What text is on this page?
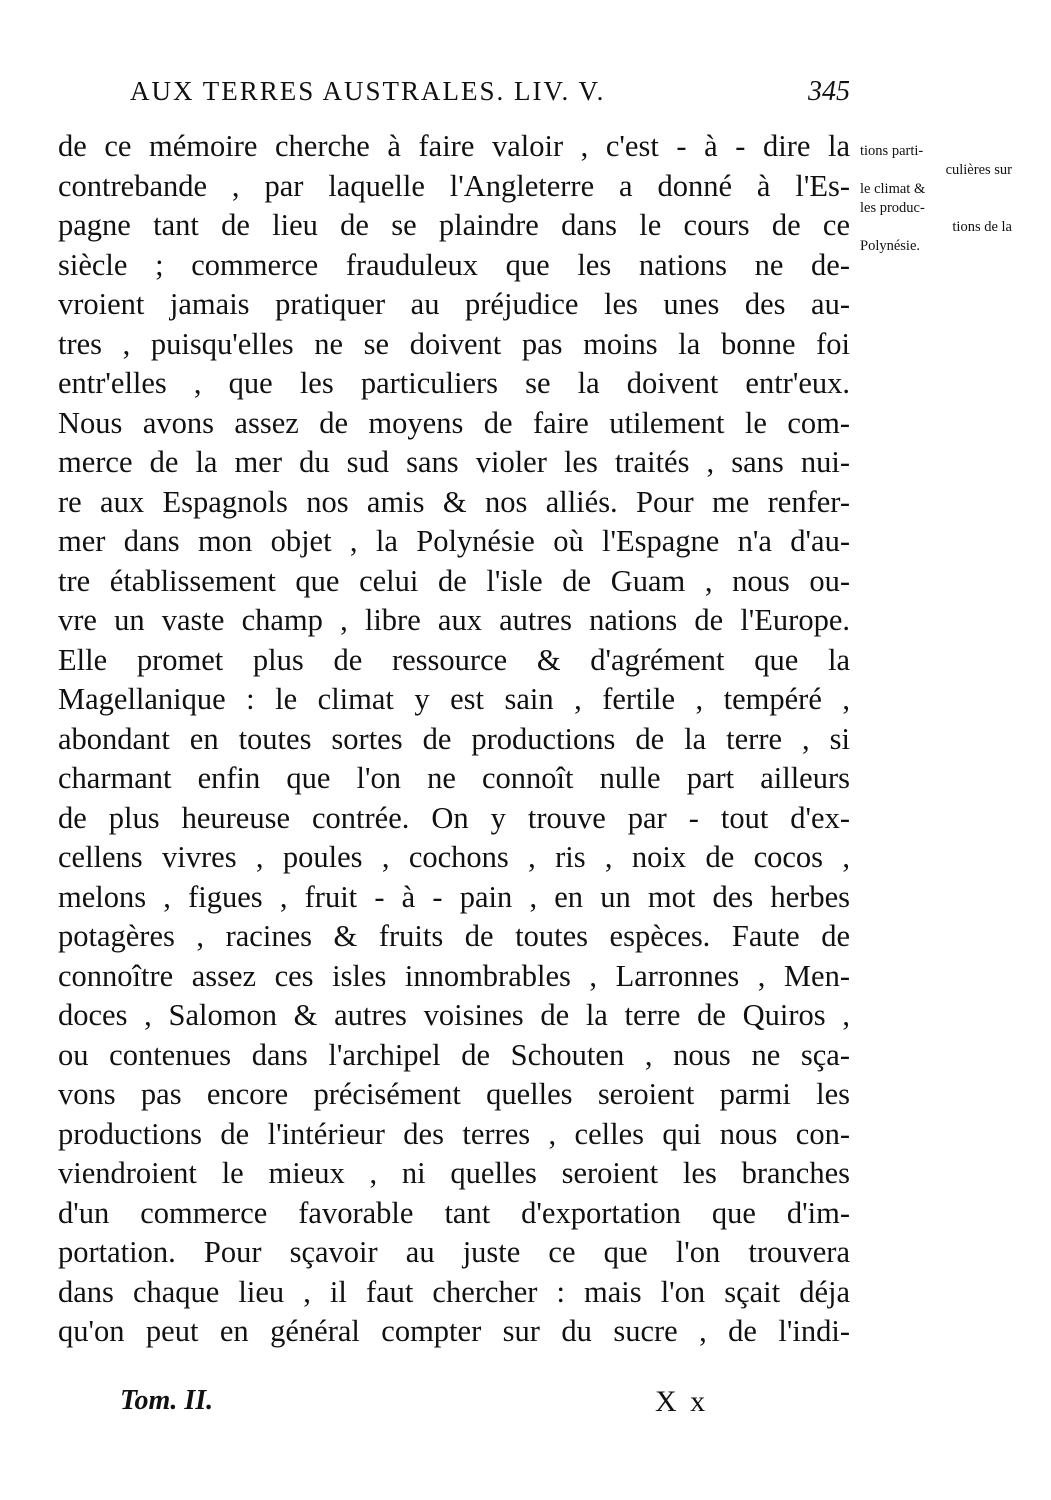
AUX TERRES AUSTRALES. LIV. V.	345
de ce mémoire cherche à faire valoir , c'est - à - dire la
contrebande , par laquelle l'Angleterre a donné à l'Es-
pagne tant de lieu de se plaindre dans le cours de ce
siècle ; commerce frauduleux que les nations ne de-
vroient jamais pratiquer au préjudice les unes des au-
tres , puisqu'elles ne se doivent pas moins la bonne foi
entr'elles , que les particuliers se la doivent entr'eux.
Nous avons assez de moyens de faire utilement le com-
merce de la mer du sud sans violer les traités , sans nui-
re aux Espagnols nos amis & nos alliés. Pour me renfer-
mer dans mon objet , la Polynésie où l'Espagne n'a d'au-
tre établissement que celui de l'isle de Guam , nous ou-
vre un vaste champ , libre aux autres nations de l'Europe.
Elle promet plus de ressource & d'agrément que la
Magellanique : le climat y est sain , fertile , tempéré ,
abondant en toutes sortes de productions de la terre , si
charmant enfin que l'on ne connoît nulle part ailleurs
de plus heureuse contrée. On y trouve par - tout d'ex-
cellens vivres , poules , cochons , ris , noix de cocos ,
melons , figues , fruit - à - pain , en un mot des herbes
potagères , racines & fruits de toutes espèces. Faute de
connoître assez ces isles innombrables , Larronnes , Men-
doces , Salomon & autres voisines de la terre de Quiros ,
ou contenues dans l'archipel de Schouten , nous ne sça-
vons pas encore précisément quelles seroient parmi les
productions de l'intérieur des terres , celles qui nous con-
viendroient le mieux , ni quelles seroient les branches
d'un commerce favorable tant d'exportation que d'im-
portation. Pour sçavoir au juste ce que l'on trouvera
dans chaque lieu , il faut chercher : mais l'on sçait déja
qu'on peut en général compter sur du sucre , de l'indi-
tions parti-
culières sur
le climat &
les produc-
tions de la
Polynésie.
Tom. II.	X x
